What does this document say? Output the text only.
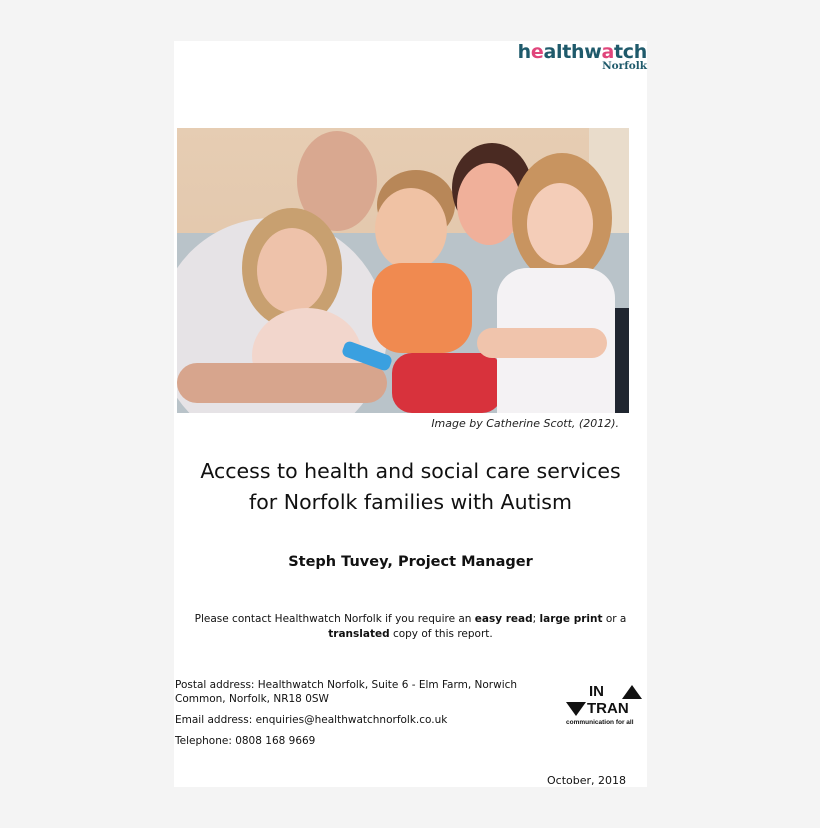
healthwatch
Norfolk
Image by Catherine Scott, (2012).
Access to health and social care services
for Norfolk families with Autism
Steph Tuvey, Project Manager
Please contact Healthwatch Norfolk if you require an easy read; large print or a
translated copy of this report.
Postal address: Healthwatch Norfolk, Suite 6 - Elm Farm, Norwich Common, Norfolk, NR18 0SW
Email address: enquiries@healthwatchnorfolk.co.uk
Telephone: 0808 168 9669
IN
TRAN
communication for all
October, 2018
